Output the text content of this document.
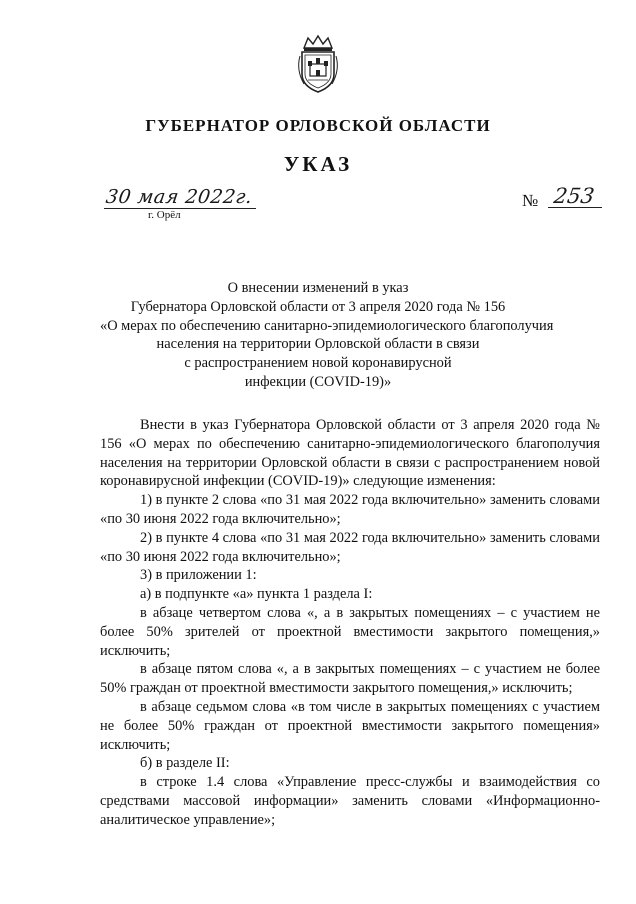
ГУБЕРНАТОР ОРЛОВСКОЙ ОБЛАСТИ
УКАЗ
30 мая 2022г.
г. Орёл
№ 253
О внесении изменений в указ
Губернатора Орловской области от 3 апреля 2020 года № 156
«О мерах по обеспечению санитарно-эпидемиологического благополучия
населения на территории Орловской области в связи
с распространением новой коронавирусной
инфекции (COVID-19)»

Внести в указ Губернатора Орловской области от 3 апреля 2020 года № 156 «О мерах по обеспечению санитарно-эпидемиологического благополучия населения на территории Орловской области в связи с распространением новой коронавирусной инфекции (COVID-19)» следующие изменения:

1) в пункте 2 слова «по 31 мая 2022 года включительно» заменить словами «по 30 июня 2022 года включительно»;

2) в пункте 4 слова «по 31 мая 2022 года включительно» заменить словами «по 30 июня 2022 года включительно»;

3) в приложении 1:

а) в подпункте «а» пункта 1 раздела I:

в абзаце четвертом слова «, а в закрытых помещениях – с участием не более 50% зрителей от проектной вместимости закрытого помещения,» исключить;

в абзаце пятом слова «, а в закрытых помещениях – с участием не более 50% граждан от проектной вместимости закрытого помещения,» исключить;

в абзаце седьмом слова «в том числе в закрытых помещениях с участием не более 50% граждан от проектной вместимости закрытого помещения» исключить;

б) в разделе II:

в строке 1.4 слова «Управление пресс-службы и взаимодействия со средствами массовой информации» заменить словами «Информационно-аналитическое управление»;
